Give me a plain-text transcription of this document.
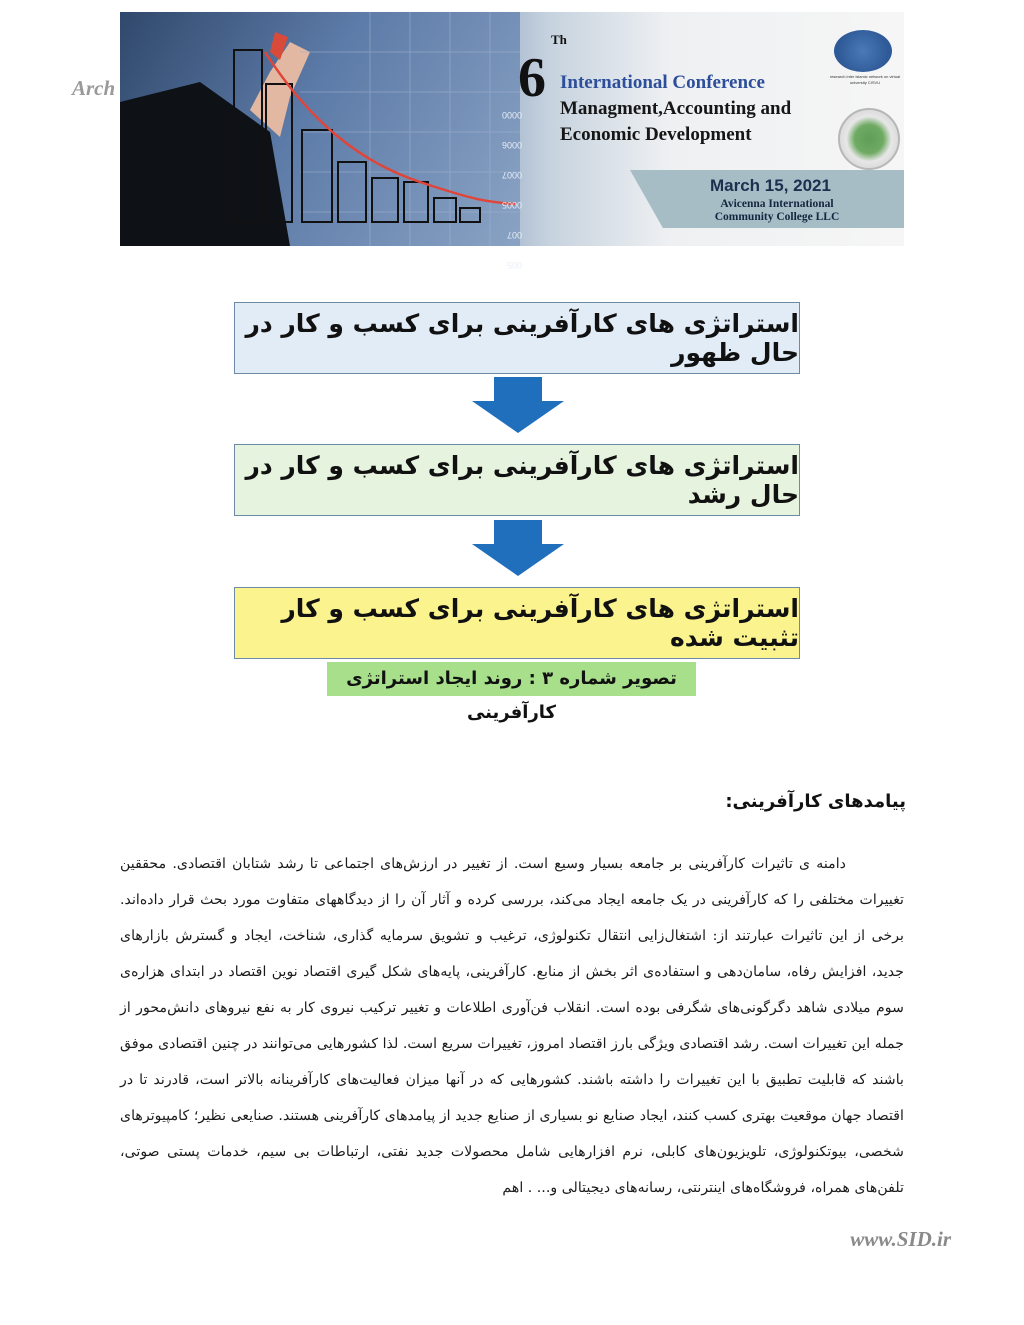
Arch
0000
0006
0007
0005
007
005
Th
6 International Conference
Managment,Accounting and
Economic Development
research inter islamic network on virtual university CISVU
March 15, 2021
Avicenna International
Community College LLC
استراتژی های کارآفرینی برای کسب و کار در حال ظهور
استراتژی های کارآفرینی برای کسب و کار در حال رشد
استراتژی های کارآفرینی برای کسب و کار تثبیت شده
تصویر شماره ۳ : روند ایجاد استراتژی کارآفرینی
پیامدهای کارآفرینی:

دامنه ی تاثیرات کارآفرینی بر جامعه بسیار وسیع است. از تغییر در ارزش‌های اجتماعی تا رشد شتابان اقتصادی. محققین تغییرات مختلفی را که کارآفرینی در یک جامعه ایجاد می‌کند، بررسی کرده و آثار آن را از دیدگاههای متفاوت مورد بحث قرار داده‌اند. برخی از این تاثیرات عبارتند از: اشتغال‌زایی انتقال تکنولوژی، ترغیب و تشویق سرمایه گذاری، شناخت، ایجاد و گسترش بازارهای جدید، افزایش رفاه، سامان‌دهی و استفاده‌ی اثر بخش از منابع. کارآفرینی، پایه‌های شکل گیری اقتصاد نوین اقتصاد در ابتدای هزاره‌ی سوم میلادی شاهد دگرگونی‌های شگرفی بوده است. انقلاب فن‌آوری اطلاعات و تغییر ترکیب نیروی کار به نفع نیروهای دانش‌محور از جمله این تغییرات است. رشد اقتصادی ویژگی بارز اقتصاد امروز، تغییرات سریع است. لذا کشورهایی می‌توانند در چنین اقتصادی موفق باشند که قابلیت تطبیق با این تغییرات را داشته باشند. کشورهایی که در آنها میزان فعالیت‌های کارآفرینانه بالاتر است، قادرند تا در اقتصاد جهان موقعیت بهتری کسب کنند، ایجاد صنایع نو بسیاری از صنایع جدید از پیامدهای کارآفرینی هستند. صنایعی نظیر؛ کامپیوترهای شخصی، بیوتکنولوژی، تلویزیون‌های کابلی، نرم افزارهایی شامل محصولات جدید نفتی، ارتباطات بی سیم، خدمات پستی صوتی، تلفن‌های همراه، فروشگاه‌های اینترنتی، رسانه‌های دیجیتالی و... . اهم

www.SID.ir
